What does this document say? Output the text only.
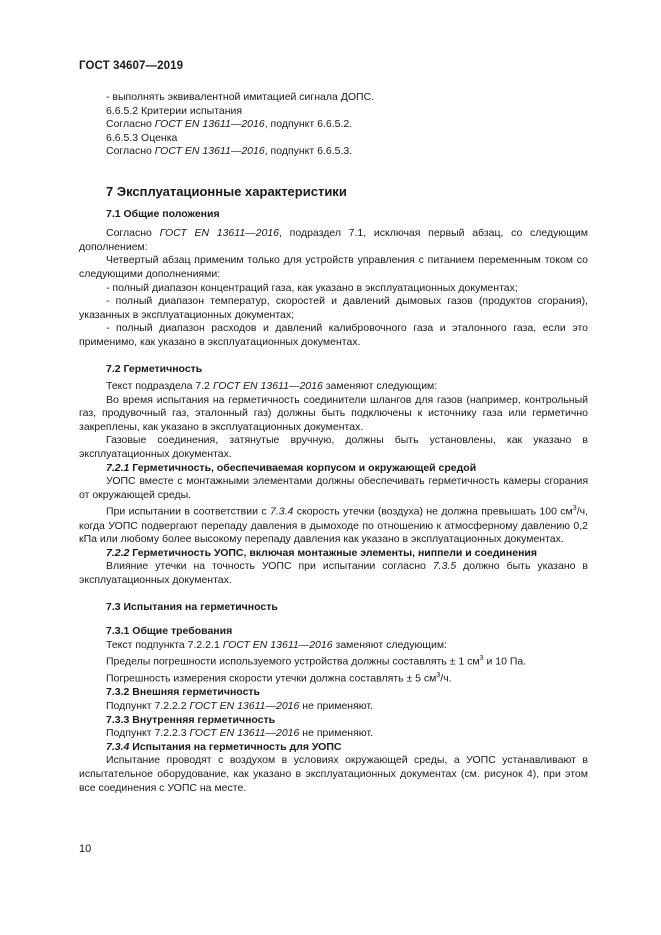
ГОСТ 34607—2019

- выполнять эквивалентной имитацией сигнала ДОПС.

6.6.5.2 Критерии испытания

Согласно ГОСТ EN 13611—2016, подпункт 6.6.5.2.

6.6.5.3 Оценка

Согласно ГОСТ EN 13611—2016, подпункт 6.6.5.3.

7 Эксплуатационные характеристики

7.1 Общие положения

Согласно ГОСТ EN 13611—2016, подраздел 7.1, исключая первый абзац, со следующим дополнением:

Четвертый абзац применим только для устройств управления с питанием переменным током со следующими дополнениями:

- полный диапазон концентраций газа, как указано в эксплуатационных документах;

- полный диапазон температур, скоростей и давлений дымовых газов (продуктов сгорания), указанных в эксплуатационных документах;

- полный диапазон расходов и давлений калибровочного газа и эталонного газа, если это применимо, как указано в эксплуатационных документах.

7.2 Герметичность

Текст подраздела 7.2 ГОСТ EN 13611—2016 заменяют следующим:

Во время испытания на герметичность соединители шлангов для газов (например, контрольный газ, продувочный газ, эталонный газ) должны быть подключены к источнику газа или герметично закреплены, как указано в эксплуатационных документах.

Газовые соединения, затянутые вручную, должны быть установлены, как указано в эксплуатационных документах.

7.2.1 Герметичность, обеспечиваемая корпусом и окружающей средой

УОПС вместе с монтажными элементами должны обеспечивать герметичность камеры сгорания от окружающей среды.

При испытании в соответствии с 7.3.4 скорость утечки (воздуха) не должна превышать 100 $см^3/ч$, когда УОПС подвергают перепаду давления в дымоходе по отношению к атмосферному давлению 0,2 кПа или любому более высокому перепаду давления как указано в эксплуатационных документах.

7.2.2 Герметичность УОПС, включая монтажные элементы, ниппели и соединения

Влияние утечки на точность УОПС при испытании согласно 7.3.5 должно быть указано в эксплуатационных документах.

7.3 Испытания на герметичность

7.3.1 Общие требования

Текст подпункта 7.2.2.1 ГОСТ EN 13611—2016 заменяют следующим:

Пределы погрешности используемого устройства должны составлять ± 1 $см^3$ и 10 Па.

Погрешность измерения скорости утечки должна составлять ± 5 $см^3/ч$.

7.3.2 Внешняя герметичность

Подпункт 7.2.2.2 ГОСТ EN 13611—2016 не применяют.

7.3.3 Внутренняя герметичность

Подпункт 7.2.2.3 ГОСТ EN 13611—2016 не применяют.

7.3.4 Испытания на герметичность для УОПС

Испытание проводят с воздухом в условиях окружающей среды, а УОПС устанавливают в испытательное оборудование, как указано в эксплуатационных документах (см. рисунок 4), при этом все соединения с УОПС на месте.

10
